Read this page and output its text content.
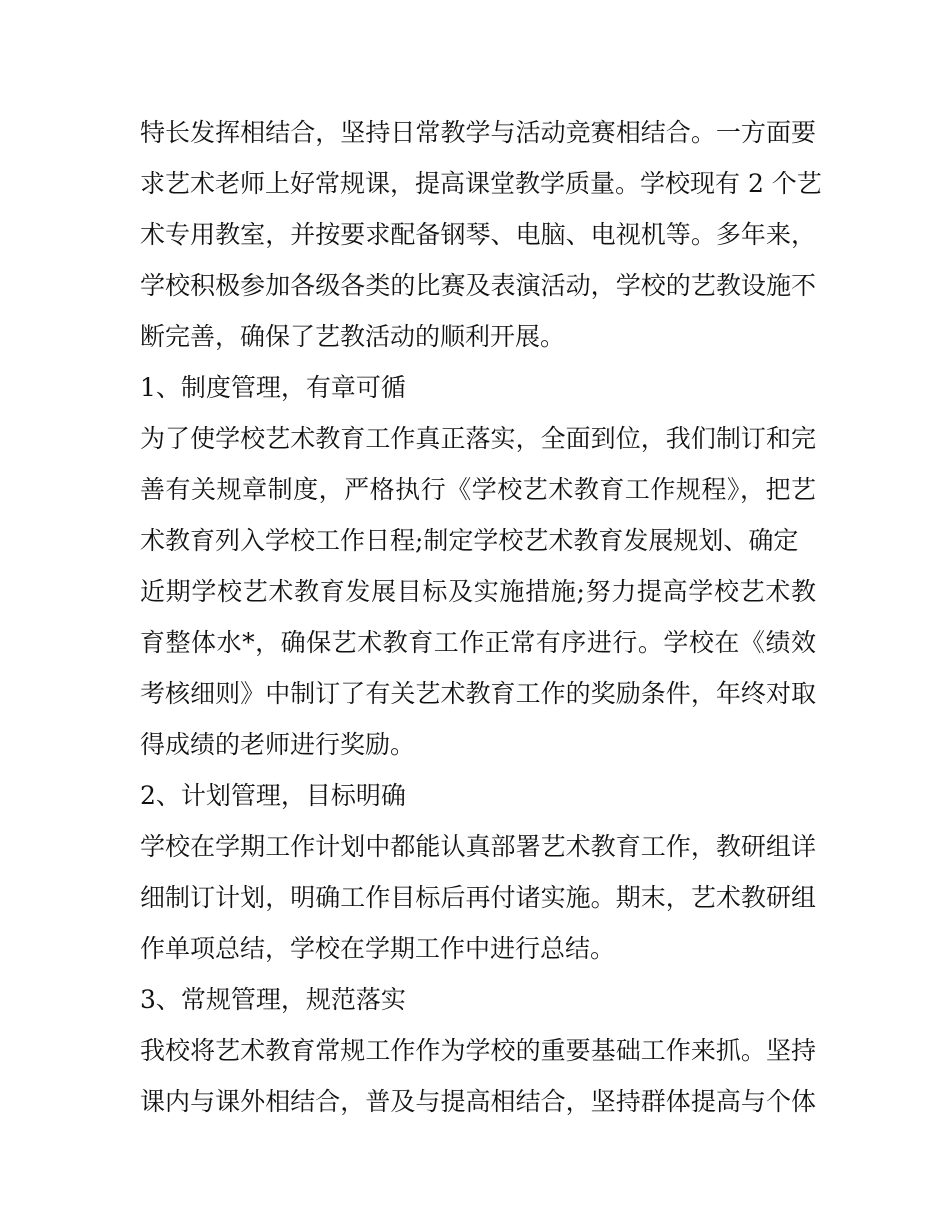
特长发挥相结合，坚持日常教学与活动竞赛相结合。一方面要
求艺术老师上好常规课，提高课堂教学质量。学校现有 2 个艺
术专用教室，并按要求配备钢琴、电脑、电视机等。多年来，
学校积极参加各级各类的比赛及表演活动，学校的艺教设施不
断完善，确保了艺教活动的顺利开展。
1、制度管理，有章可循
为了使学校艺术教育工作真正落实，全面到位，我们制订和完
善有关规章制度，严格执行《学校艺术教育工作规程》，把艺
术教育列入学校工作日程;制定学校艺术教育发展规划、确定
近期学校艺术教育发展目标及实施措施;努力提高学校艺术教
育整体水*，确保艺术教育工作正常有序进行。学校在《绩效
考核细则》中制订了有关艺术教育工作的奖励条件，年终对取
得成绩的老师进行奖励。
2、计划管理，目标明确
学校在学期工作计划中都能认真部署艺术教育工作，教研组详
细制订计划，明确工作目标后再付诸实施。期末，艺术教研组
作单项总结，学校在学期工作中进行总结。
3、常规管理，规范落实
我校将艺术教育常规工作作为学校的重要基础工作来抓。坚持
课内与课外相结合，普及与提高相结合，坚持群体提高与个体
